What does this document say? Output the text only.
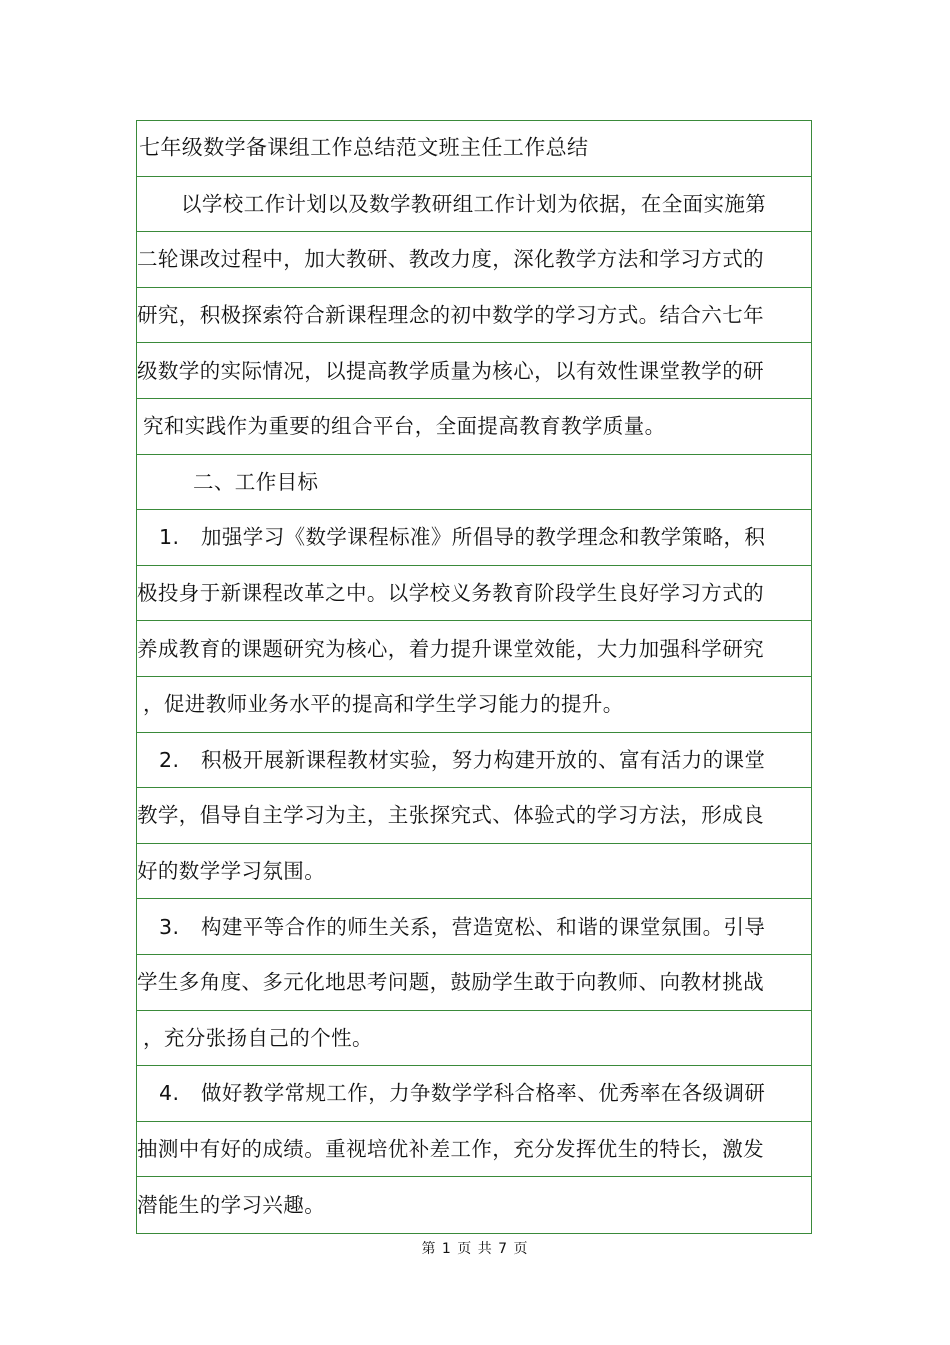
七年级数学备课组工作总结范文班主任工作总结
以学校工作计划以及数学教研组工作计划为依据，在全面实施第
二轮课改过程中，加大教研、教改力度，深化教学方法和学习方式的
研究，积极探索符合新课程理念的初中数学的学习方式。结合六七年
级数学的实际情况，以提高教学质量为核心，以有效性课堂教学的研
究和实践作为重要的组合平台，全面提高教育教学质量。
二、工作目标
1. 加强学习《数学课程标准》所倡导的教学理念和教学策略，积
极投身于新课程改革之中。以学校义务教育阶段学生良好学习方式的
养成教育的课题研究为核心，着力提升课堂效能，大力加强科学研究
，促进教师业务水平的提高和学生学习能力的提升。
2. 积极开展新课程教材实验，努力构建开放的、富有活力的课堂
教学，倡导自主学习为主，主张探究式、体验式的学习方法，形成良
好的数学学习氛围。
3. 构建平等合作的师生关系，营造宽松、和谐的课堂氛围。引导
学生多角度、多元化地思考问题，鼓励学生敢于向教师、向教材挑战
，充分张扬自己的个性。
4. 做好教学常规工作，力争数学学科合格率、优秀率在各级调研
抽测中有好的成绩。重视培优补差工作，充分发挥优生的特长，激发
潜能生的学习兴趣。
第 1 页 共 7 页
